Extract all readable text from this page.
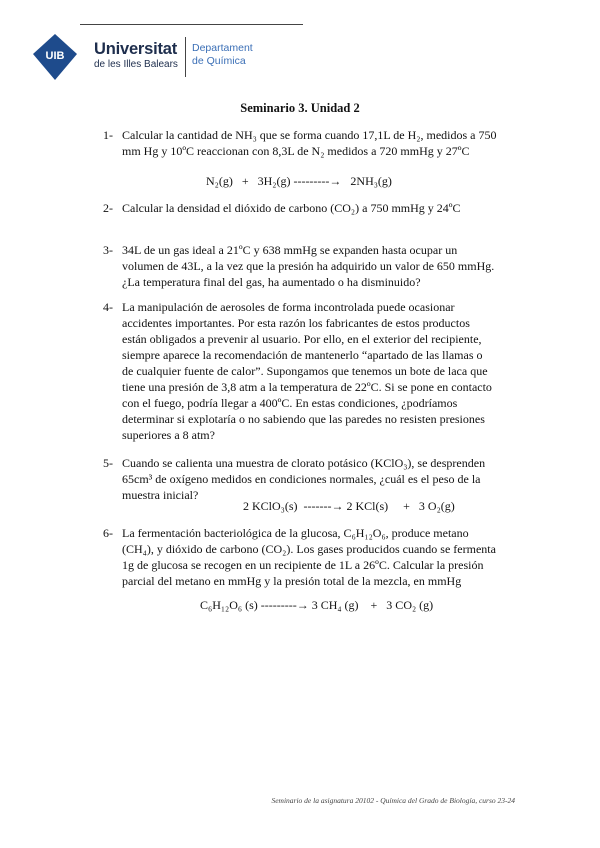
UIB Universitat
de les Illes Balears
Departament
de Química
Seminario 3. Unidad 2
1- Calcular la cantidad de NH₃ que se forma cuando 17,1L de H₂, medidos a 750
mm Hg y 10ºC reaccionan con 8,3L de N₂ medidos a 720 mmHg y 27ºC
N₂(g)   +   3H₂(g) ---------→   2NH₃(g)
2- Calcular la densidad el dióxido de carbono (CO₂) a 750 mmHg y 24ºC
3- 34L de un gas ideal a 21ºC y 638 mmHg se expanden hasta ocupar un
volumen de 43L, a la vez que la presión ha adquirido un valor de 650 mmHg.
¿La temperatura final del gas, ha aumentado o ha disminuido?
4- La manipulación de aerosoles de forma incontrolada puede ocasionar
accidentes importantes. Por esta razón los fabricantes de estos productos
están obligados a prevenir al usuario. Por ello, en el exterior del recipiente,
siempre aparece la recomendación de mantenerlo “apartado de las llamas o
de cualquier fuente de calor”. Supongamos que tenemos un bote de laca que
tiene una presión de 3,8 atm a la temperatura de 22ºC. Si se pone en contacto
con el fuego, podría llegar a 400ºC. En estas condiciones, ¿podríamos
determinar si explotaría o no sabiendo que las paredes no resisten presiones
superiores a 8 atm?
5- Cuando se calienta una muestra de clorato potásico (KClO₃), se desprenden
65cm³ de oxígeno medidos en condiciones normales, ¿cuál es el peso de la
muestra inicial?
2 KClO₃(s)  -------→ 2 KCl(s)     +   3 O₂(g)
6- La fermentación bacteriológica de la glucosa, C₆H₁₂O₆, produce metano
(CH₄), y dióxido de carbono (CO₂). Los gases producidos cuando se fermenta
1g de glucosa se recogen en un recipiente de 1L a 26ºC. Calcular la presión
parcial del metano en mmHg y la presión total de la mezcla, en mmHg
C₆H₁₂O₆ (s) ---------→ 3 CH₄ (g)    +   3 CO₂ (g)
Seminario de la asignatura 20102 - Química del Grado de Biología, curso 23-24
